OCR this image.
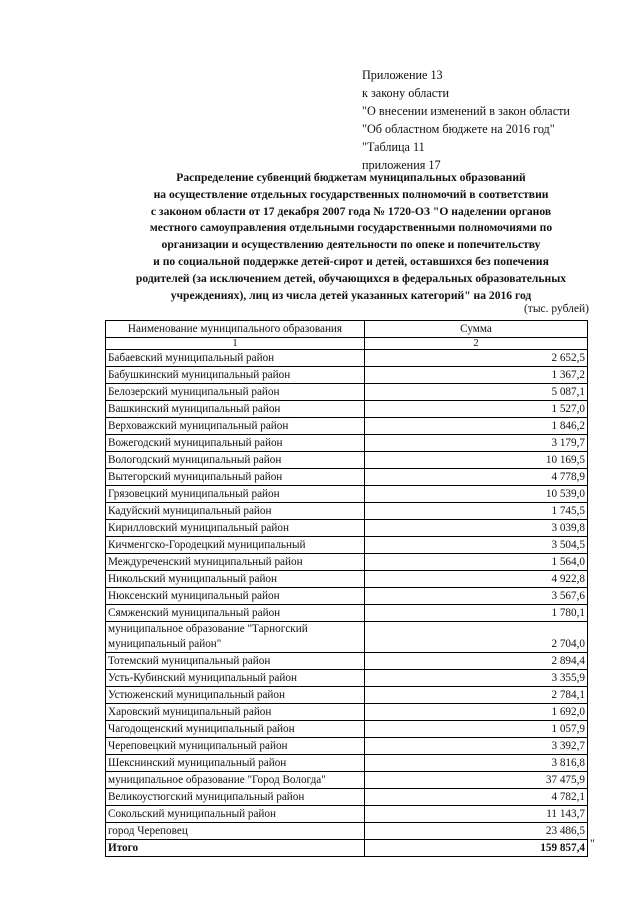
Приложение 13
к закону области
"О внесении изменений в закон области
"Об областном бюджете на 2016 год"
"Таблица 11
приложения 17
Распределение субвенций бюджетам муниципальных образований
на осуществление отдельных государственных полномочий в соответствии
с законом области от 17 декабря 2007 года № 1720-ОЗ "О наделении органов
местного самоуправления отдельными государственными полномочиями по
организации и осуществлению деятельности по опеке и попечительству
и по социальной поддержке детей-сирот и детей, оставшихся без попечения
родителей (за исключением детей, обучающихся в федеральных образовательных
учреждениях), лиц из числа детей указанных категорий" на 2016 год
(тыс. рублей)
Наименование муниципального образования	Сумма
1	2
Бабаевский муниципальный район	2 652,5
Бабушкинский муниципальный район	1 367,2
Белозерский муниципальный район	5 087,1
Вашкинский муниципальный район	1 527,0
Верховажский муниципальный район	1 846,2
Вожегодский муниципальный район	3 179,7
Вологодский муниципальный район	10 169,5
Вытегорский муниципальный район	4 778,9
Грязовецкий муниципальный район	10 539,0
Кадуйский муниципальный район	1 745,5
Кирилловский муниципальный район	3 039,8
Кичменгско-Городецкий муниципальный	3 504,5
Междуреченский муниципальный район	1 564,0
Никольский муниципальный район	4 922,8
Нюксенский муниципальный район	3 567,6
Сямженский муниципальный район	1 780,1

муниципальное образование "Тарногский
муниципальный район"	2 704,0
Тотемский муниципальный район	2 894,4
Усть-Кубинский муниципальный район	3 355,9
Устюженский муниципальный район	2 784,1
Харовский муниципальный район	1 692,0
Чагодощенский муниципальный район	1 057,9
Череповецкий муниципальный район	3 392,7
Шекснинский муниципальный район	3 816,8
муниципальное образование "Город Вологда"	37 475,9
Великоустюгский муниципальный район	4 782,1
Сокольский муниципальный район	11 143,7
город Череповец	23 486,5
Итого	159 857,4 "
